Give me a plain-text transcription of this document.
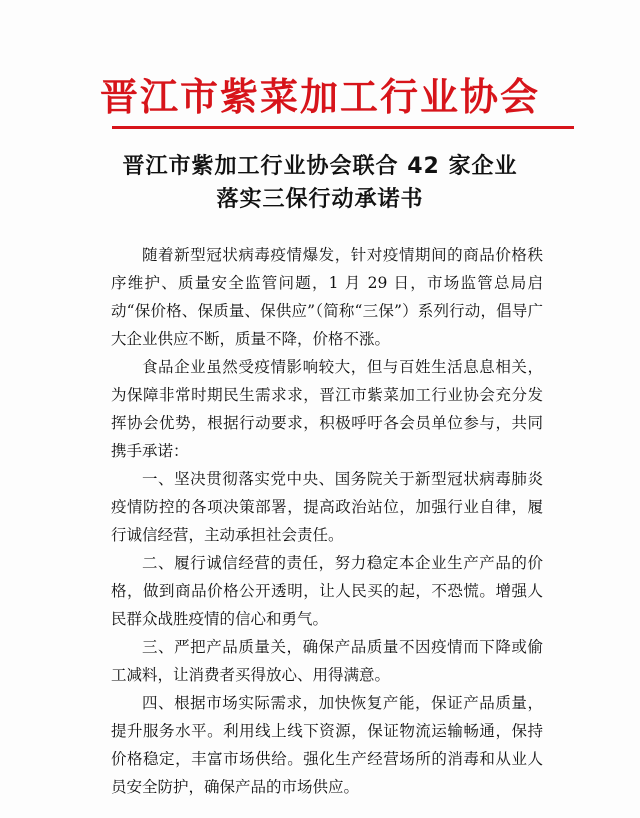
晋江市紫菜加工行业协会
晋江市紫加工行业协会联合 42 家企业
落实三保行动承诺书

随着新型冠状病毒疫情爆发，针对疫情期间的商品价格秩序维护、质量安全监管问题，1 月 29 日，市场监管总局启动“保价格、保质量、保供应”（简称“三保”）系列行动，倡导广大企业供应不断，质量不降，价格不涨。

食品企业虽然受疫情影响较大，但与百姓生活息息相关，为保障非常时期民生需求求，晋江市紫菜加工行业协会充分发挥协会优势，根据行动要求，积极呼吁各会员单位参与，共同携手承诺：

一、坚决贯彻落实党中央、国务院关于新型冠状病毒肺炎疫情防控的各项决策部署，提高政治站位，加强行业自律，履行诚信经营，主动承担社会责任。

二、履行诚信经营的责任，努力稳定本企业生产产品的价格，做到商品价格公开透明，让人民买的起，不恐慌。增强人民群众战胜疫情的信心和勇气。

三、严把产品质量关，确保产品质量不因疫情而下降或偷工减料，让消费者买得放心、用得满意。

四、根据市场实际需求，加快恢复产能，保证产品质量，提升服务水平。利用线上线下资源，保证物流运输畅通，保持价格稳定，丰富市场供给。强化生产经营场所的消毒和从业人员安全防护，确保产品的市场供应。
